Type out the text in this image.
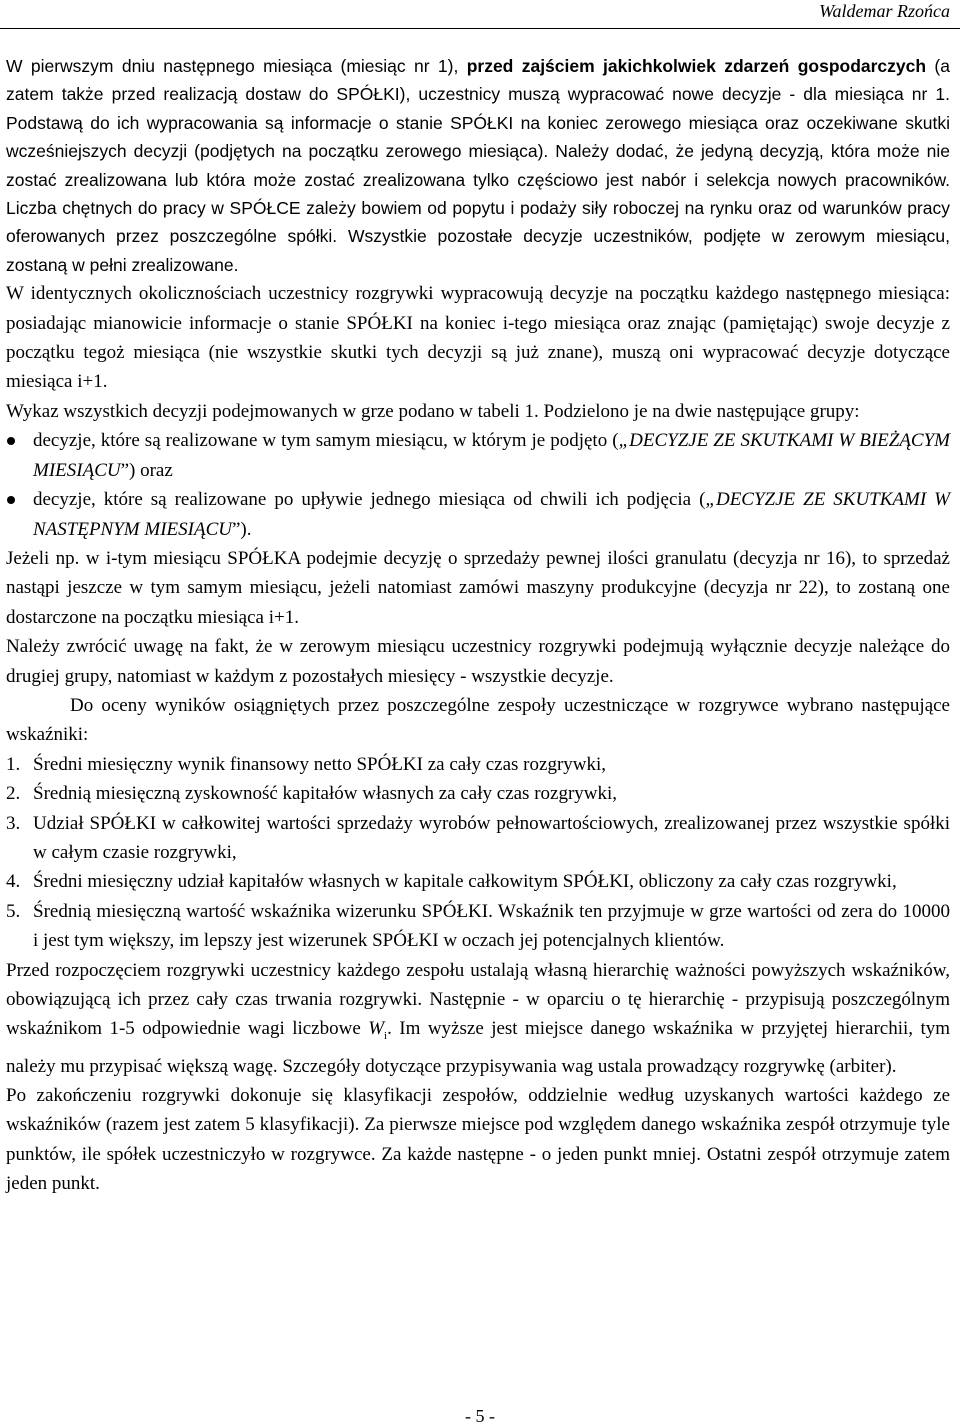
Waldemar Rzońca

W pierwszym dniu następnego miesiąca (miesiąc nr 1), przed zajściem jakichkolwiek zdarzeń gospodarczych (a zatem także przed realizacją dostaw do SPÓŁKI), uczestnicy muszą wypracować nowe decyzje - dla miesiąca nr 1. Podstawą do ich wypracowania są informacje o stanie SPÓŁKI na koniec zerowego miesiąca oraz oczekiwane skutki wcześniejszych decyzji (podjętych na początku zerowego miesiąca). Należy dodać, że jedyną decyzją, która może nie zostać zrealizowana lub która może zostać zrealizowana tylko częściowo jest nabór i selekcja nowych pracowników. Liczba chętnych do pracy w SPÓŁCE zależy bowiem od popytu i podaży siły roboczej na rynku oraz od warunków pracy oferowanych przez poszczególne spółki. Wszystkie pozostałe decyzje uczestników, podjęte w zerowym miesiącu, zostaną w pełni zrealizowane.

W identycznych okolicznościach uczestnicy rozgrywki wypracowują decyzje na początku każdego następnego miesiąca: posiadając mianowicie informacje o stanie SPÓŁKI na koniec i-tego miesiąca oraz znając (pamiętając) swoje decyzje z początku tegoż miesiąca (nie wszystkie skutki tych decyzji są już znane), muszą oni wypracować decyzje dotyczące miesiąca i+1.

Wykaz wszystkich decyzji podejmowanych w grze podano w tabeli 1. Podzielono je na dwie następujące grupy:

decyzje, które są realizowane w tym samym miesiącu, w którym je podjęto („DECYZJE ZE SKUTKAMI W BIEŻĄCYM MIESIĄCU”) oraz
decyzje, które są realizowane po upływie jednego miesiąca od chwili ich podjęcia („DECYZJE ZE SKUTKAMI W NASTĘPNYM MIESIĄCU”).

Jeżeli np. w i-tym miesiącu SPÓŁKA podejmie decyzję o sprzedaży pewnej ilości granulatu (decyzja nr 16), to sprzedaż nastąpi jeszcze w tym samym miesiącu, jeżeli natomiast zamówi maszyny produkcyjne (decyzja nr 22), to zostaną one dostarczone na początku miesiąca i+1.

Należy zwrócić uwagę na fakt, że w zerowym miesiącu uczestnicy rozgrywki podejmują wyłącznie decyzje należące do drugiej grupy, natomiast w każdym z pozostałych miesięcy - wszystkie decyzje.

Do oceny wyników osiągniętych przez poszczególne zespoły uczestniczące w rozgrywce wybrano następujące wskaźniki:

1. Średni miesięczny wynik finansowy netto SPÓŁKI za cały czas rozgrywki,
2. Średnią miesięczną zyskowność kapitałów własnych za cały czas rozgrywki,
3. Udział SPÓŁKI w całkowitej wartości sprzedaży wyrobów pełnowartościowych, zrealizowanej przez wszystkie spółki w całym czasie rozgrywki,
4. Średni miesięczny udział kapitałów własnych w kapitale całkowitym SPÓŁKI, obliczony za cały czas rozgrywki,
5. Średnią miesięczną wartość wskaźnika wizerunku SPÓŁKI. Wskaźnik ten przyjmuje w grze wartości od zera do 10000 i jest tym większy, im lepszy jest wizerunek SPÓŁKI w oczach jej potencjalnych klientów.

Przed rozpoczęciem rozgrywki uczestnicy każdego zespołu ustalają własną hierarchię ważności powyższych wskaźników, obowiązującą ich przez cały czas trwania rozgrywki. Następnie - w oparciu o tę hierarchię - przypisują poszczególnym wskaźnikom 1-5 odpowiednie wagi liczbowe $W_i$. Im wyższe jest miejsce danego wskaźnika w przyjętej hierarchii, tym należy mu przypisać większą wagę. Szczegóły dotyczące przypisywania wag ustala prowadzący rozgrywkę (arbiter).

Po zakończeniu rozgrywki dokonuje się klasyfikacji zespołów, oddzielnie według uzyskanych wartości każdego ze wskaźników (razem jest zatem 5 klasyfikacji). Za pierwsze miejsce pod względem danego wskaźnika zespół otrzymuje tyle punktów, ile spółek uczestniczyło w rozgrywce. Za każde następne - o jeden punkt mniej. Ostatni zespół otrzymuje zatem jeden punkt.

- 5 -
